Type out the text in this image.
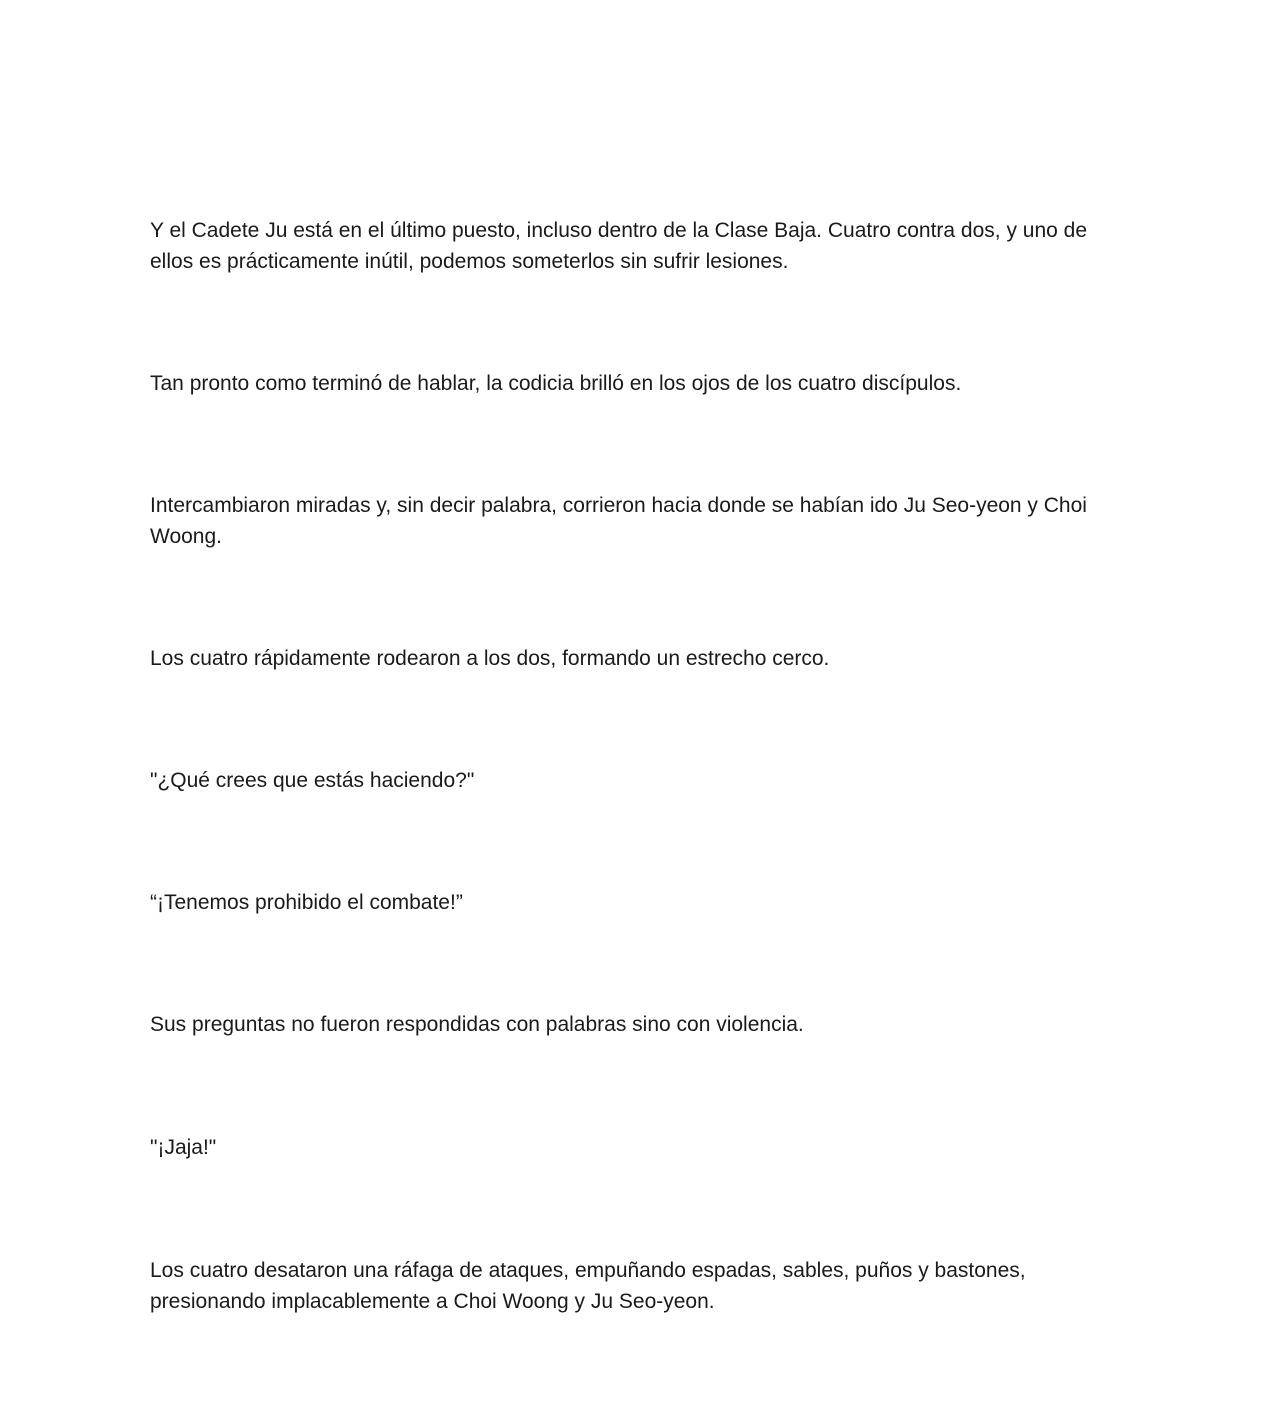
Y el Cadete Ju está en el último puesto, incluso dentro de la Clase Baja. Cuatro contra dos, y uno de ellos es prácticamente inútil, podemos someterlos sin sufrir lesiones.

Tan pronto como terminó de hablar, la codicia brilló en los ojos de los cuatro discípulos.

Intercambiaron miradas y, sin decir palabra, corrieron hacia donde se habían ido Ju Seo-yeon y Choi Woong.

Los cuatro rápidamente rodearon a los dos, formando un estrecho cerco.

"¿Qué crees que estás haciendo?"

“¡Tenemos prohibido el combate!”

Sus preguntas no fueron respondidas con palabras sino con violencia.

"¡Jaja!"

Los cuatro desataron una ráfaga de ataques, empuñando espadas, sables, puños y bastones, presionando implacablemente a Choi Woong y Ju Seo-yeon.
